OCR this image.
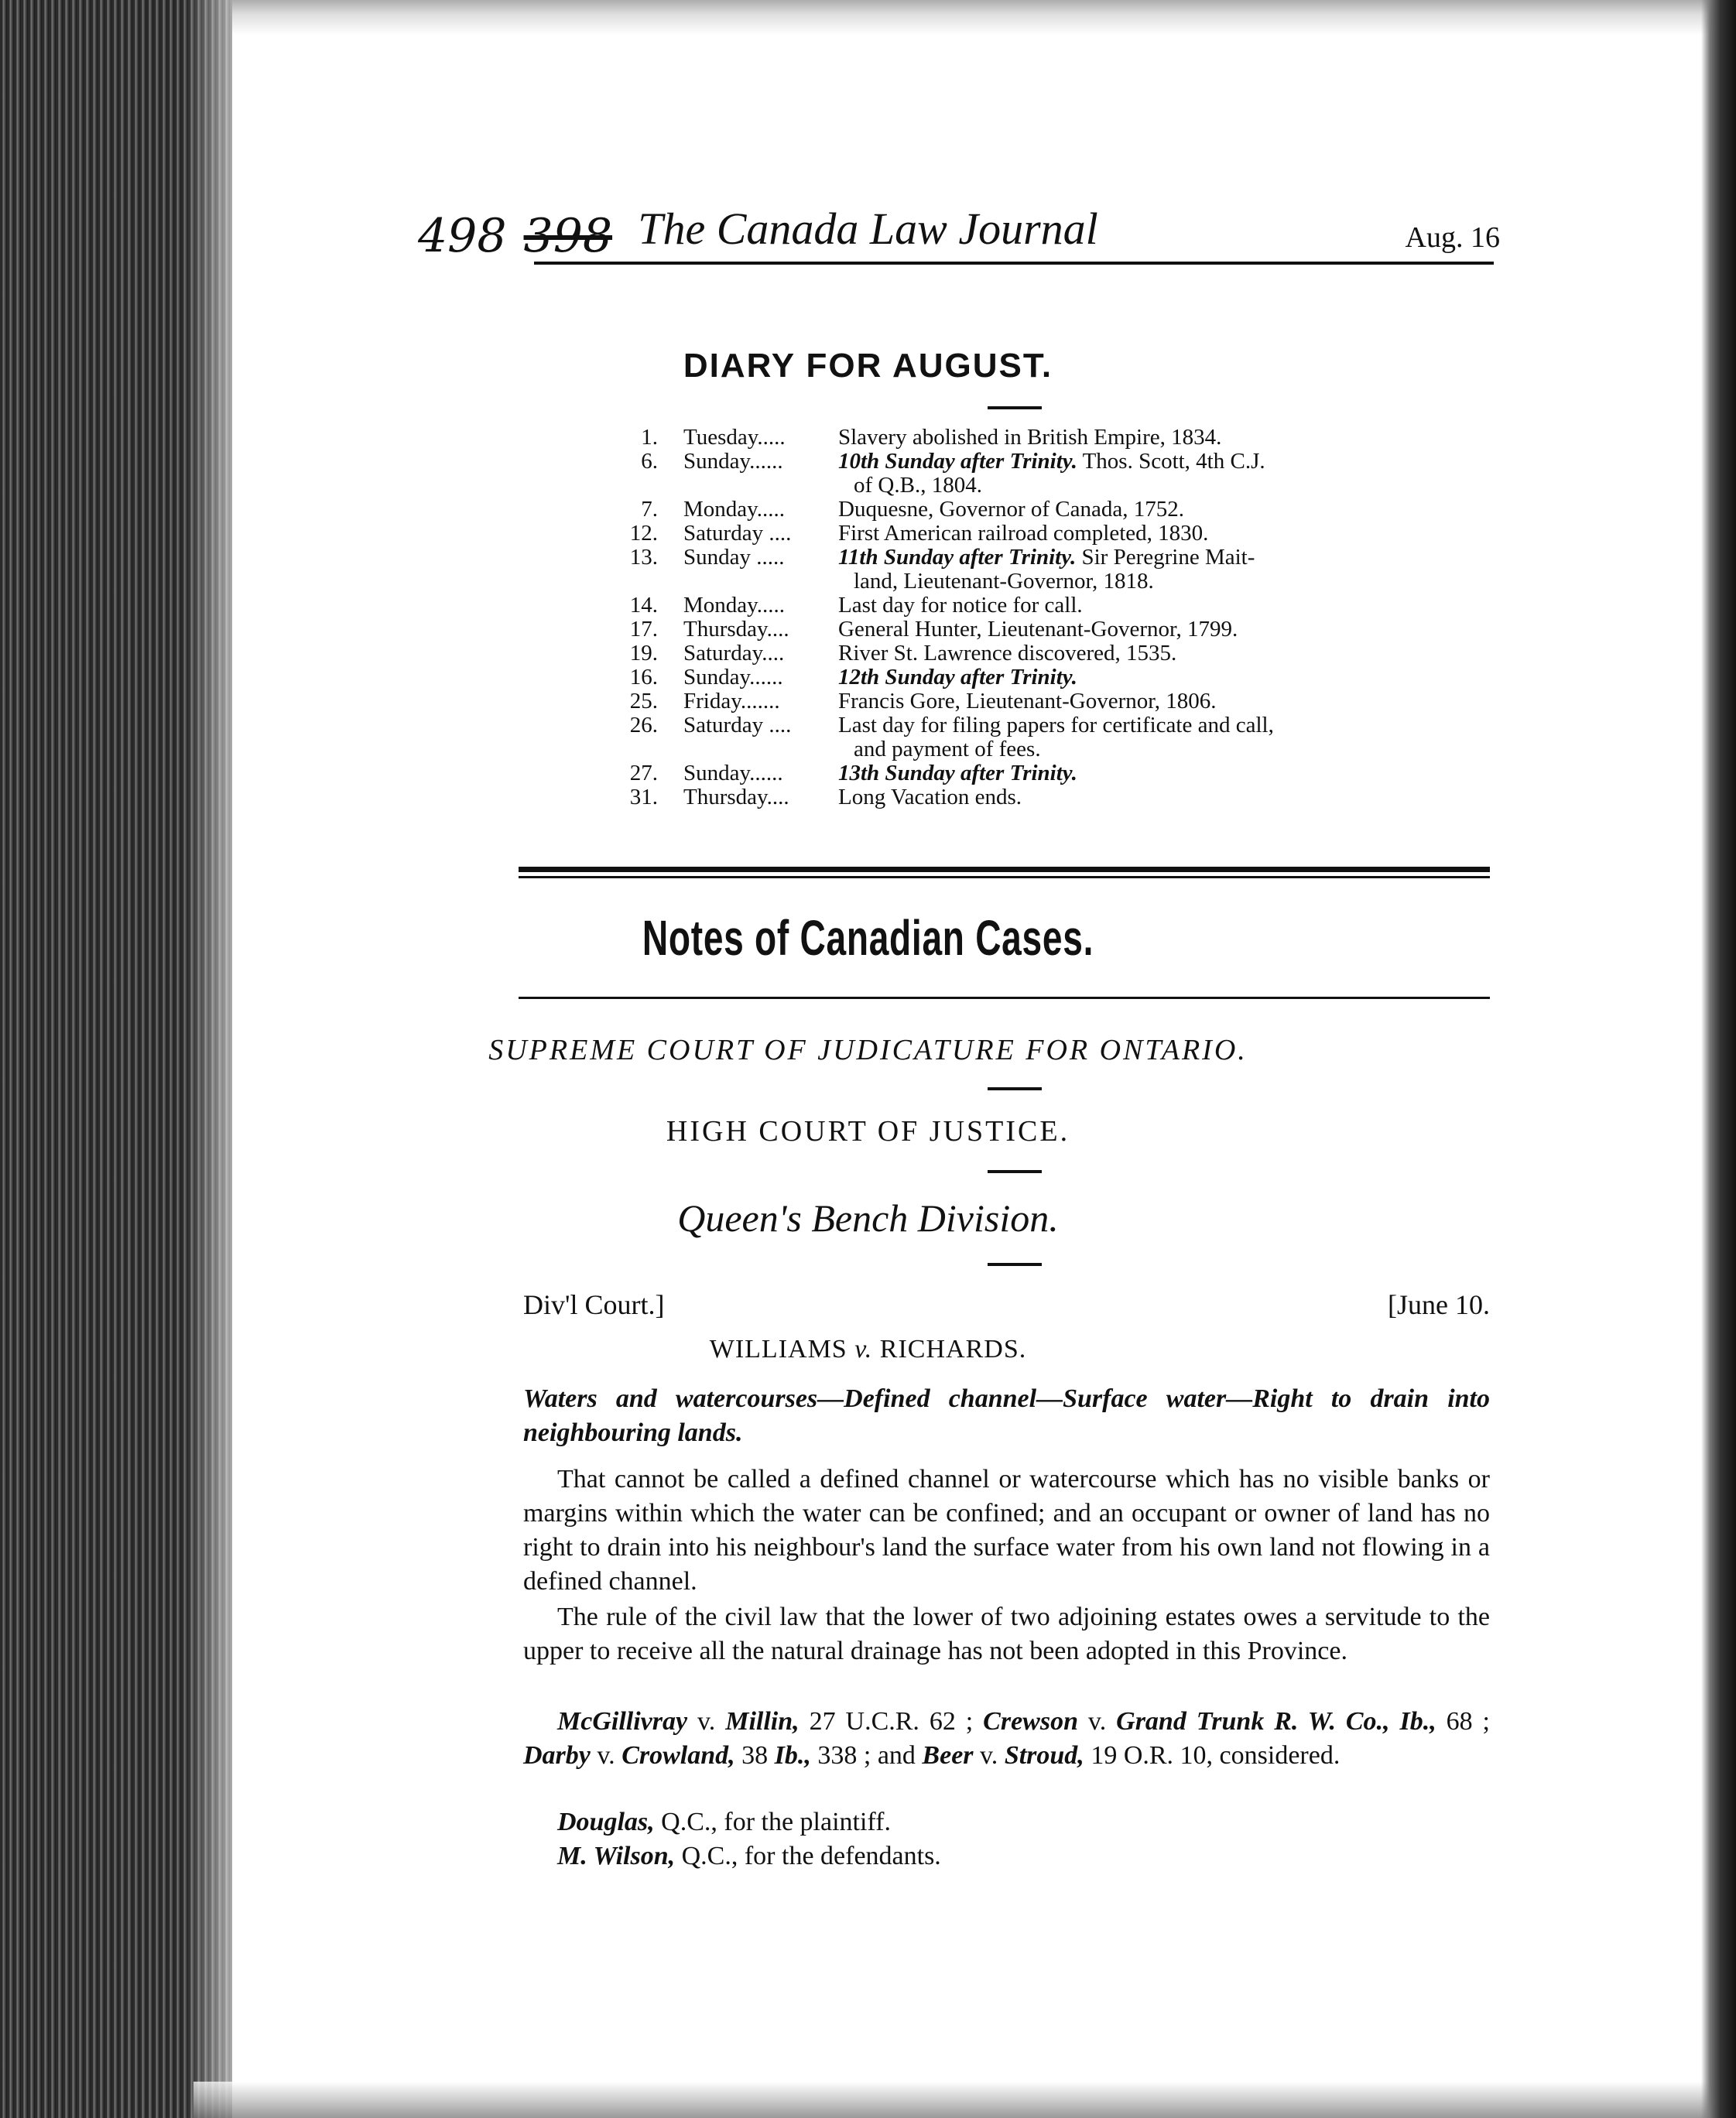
498 398 The Canada Law Journal	Aug. 16
DIARY FOR AUGUST.
1. Tuesday..... Slavery abolished in British Empire, 1834.
6. Sunday...... 10th Sunday after Trinity. Thos. Scott, 4th C.J.
of Q.B., 1804.
7. Monday..... Duquesne, Governor of Canada, 1752.
12. Saturday .... First American railroad completed, 1830.
13. Sunday ..... 11th Sunday after Trinity. Sir Peregrine Mait-
land, Lieutenant-Governor, 1818.
14. Monday..... Last day for notice for call.
17. Thursday.... General Hunter, Lieutenant-Governor, 1799.
19. Saturday.... River St. Lawrence discovered, 1535.
16. Sunday...... 12th Sunday after Trinity.
25. Friday.......	Francis Gore, Lieutenant-Governor, 1806.
26. Saturday .... Last day for filing papers for certificate and call,
and payment of fees.
27. Sunday...... 13th Sunday after Trinity.
31. Thursday.... Long Vacation ends.
Notes of Canadian Cases.
SUPREME COURT OF JUDICATURE FOR ONTARIO.
HIGH COURT OF JUSTICE.
Queen's Bench Division.
Div'l Court.]	[June 10.
WILLIAMS v. RICHARDS.
Waters and watercourses—Defined channel—Surface water—Right to drain into neighbouring lands.
That cannot be called a defined channel or watercourse which has no visible banks or margins within which the water can be confined; and an occupant or owner of land has no right to drain into his neighbour's land the surface water from his own land not flowing in a defined channel.
The rule of the civil law that the lower of two adjoining estates owes a servitude to the upper to receive all the natural drainage has not been adopted in this Province.
McGillivray v. Millin, 27 U.C.R. 62 ; Crewson v. Grand Trunk R. W. Co., Ib., 68 ; Darby v. Crowland, 38 Ib., 338 ; and Beer v. Stroud, 19 O.R. 10, considered.
Douglas, Q.C., for the plaintiff.
M. Wilson, Q.C., for the defendants.
